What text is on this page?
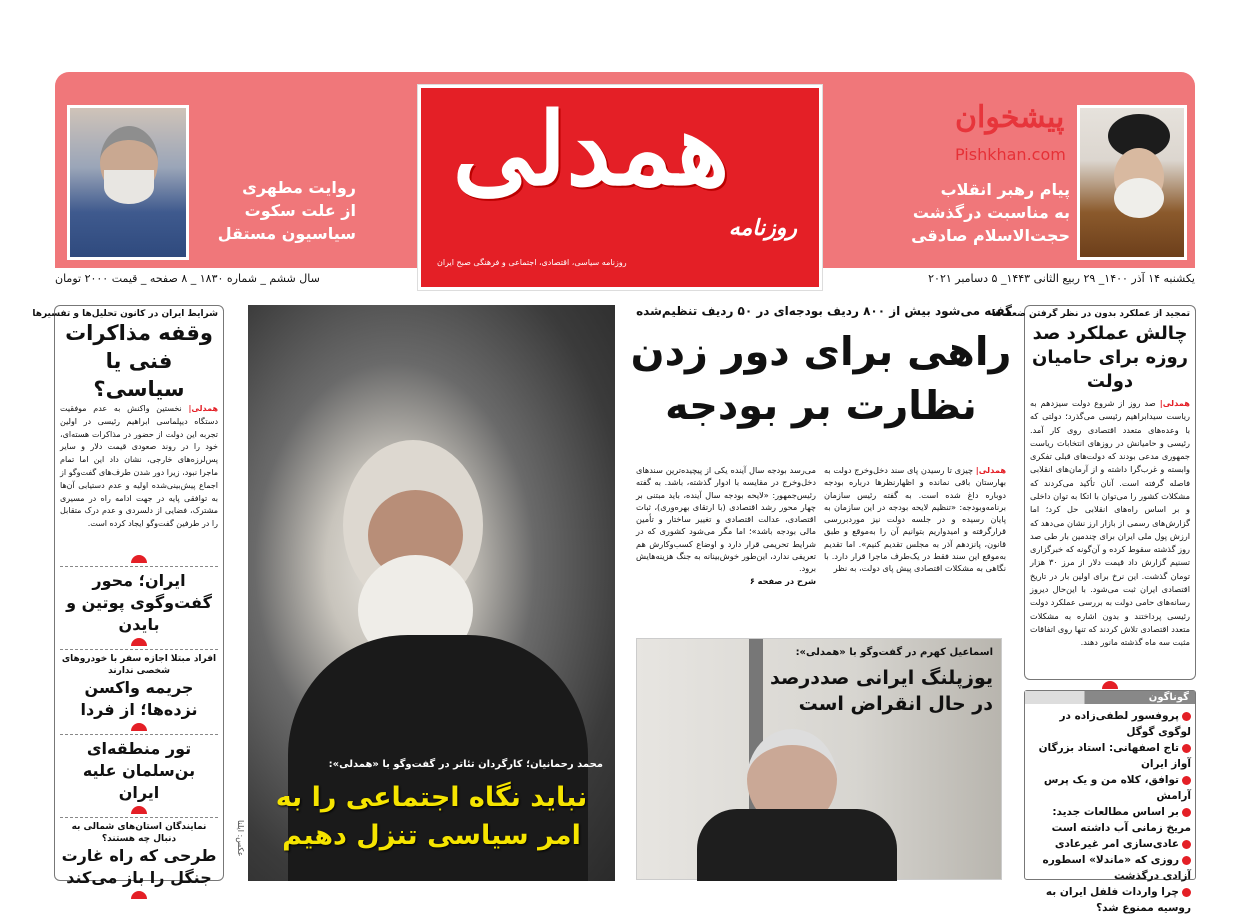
روایت مطهری
از علت سکوت
سیاسیون مستقل
پیام رهبر انقلاب
به مناسبت درگذشت
حجت‌الاسلام صادقی
پیشخوان
Pishkhan.com
همدلی
روزنامه
روزنامه سیاسی، اقتصادی، اجتماعی و فرهنگی صبح ایران
یکشنبه ۱۴ آذر ۱۴۰۰_ ۲۹ ربیع الثانی ۱۴۴۳_ ۵ دسامبر ۲۰۲۱
سال ششم _ شماره ۱۸۳۰ _ ۸ صفحه _ قیمت ۲۰۰۰ تومان
تمجید از عملکرد بدون در نظر گرفتن ضعف‌ها
چالش عملکرد صد روزه برای حامیان دولت
همدلی| صد روز از شروع دولت سیزدهم به ریاست سیدابراهیم رئیسی می‌گذرد؛ دولتی که با وعده‌های متعدد اقتصادی روی کار آمد. رئیسی و حامیانش در روزهای انتخابات ریاست جمهوری مدعی بودند که دولت‌های قبلی تفکری وابسته و غرب‌گرا داشته و از آرمان‌های انقلابی فاصله گرفته است. آنان تأکید می‌کردند که مشکلات کشور را می‌توان با اتکا به توان داخلی و بر اساس راه‌های انقلابی حل کرد؛ اما گزارش‌های رسمی از بازار ارز نشان می‌دهد که ارزش پول ملی ایران برای چندمین بار طی صد روز گذشته سقوط کرده و آن‌گونه که خبرگزاری تسنیم گزارش داد قیمت دلار از مرز ۳۰ هزار تومان گذشت. این نرخ برای اولین بار در تاریخ اقتصادی ایران ثبت می‌شود. با این‌حال دیروز رسانه‌های حامی دولت به بررسی عملکرد دولت رئیسی پرداختند و بدون اشاره به مشکلات متعدد اقتصادی تلاش کردند که تنها روی اتفاقات مثبت سه ماه گذشته مانور دهند.
گوناگون
پروفسور لطفی‌زاده در لوگوی گوگل
تاج اصفهانی: استاد بزرگان آواز ایران
توافق، کلاه من و یک پرس آرامش
بر اساس مطالعات جدید: مریخ زمانی آب داشته است
عادی‌سازی امر غیرعادی
روزی که «ماندلا» اسطوره آزادی درگذشت
چرا واردات فلفل ایران به روسیه ممنوع شد؟
گفته می‌شود بیش از ۸۰۰ ردیف بودجه‌ای در ۵۰ ردیف تنظیم‌شده
راهی برای دور زدن نظارت بر بودجه
همدلی| چیزی تا رسیدن پای سند دخل‌وخرج دولت به بهارستان باقی نمانده و اظهارنظرها درباره بودجه دوباره داغ شده است. به گفته رئیس سازمان برنامه‌وبودجه: «تنظیم لایحه بودجه در این سازمان به پایان رسیده و در جلسه دولت نیز موردبررسی قرارگرفته و امیدواریم بتوانیم آن را به‌موقع و طبق قانون، پانزدهم آذر به مجلس تقدیم کنیم». اما تقدیم به‌موقع این سند فقط در یک‌طرف ماجرا قرار دارد. با نگاهی به مشکلات اقتصادی پیش پای دولت، به نظر
می‌رسد بودجه سال آینده یکی از پیچیده‌ترین سندهای دخل‌وخرج در مقایسه با ادوار گذشته، باشد. به گفته رئیس‌جمهور: «لایحه بودجه سال آینده، باید مبتنی بر چهار محور رشد اقتصادی (با ارتقای بهره‌وری)، ثبات اقتصادی، عدالت اقتصادی و تغییر ساختار و تأمین مالی بودجه باشد»؛ اما مگر می‌شود کشوری که در شرایط تحریمی قرار دارد و اوضاع کسب‌وکارش هم تعریفی ندارد، این‌طور خوش‌بینانه به جنگ هزینه‌هایش برود.
شرح در صفحه ۶
اسماعیل کهرم در گفت‌وگو با «همدلی»:
یوزپلنگ ایرانی صددرصد در حال انقراض است
محمد رحمانیان؛ کارگردان تئاتر در گفت‌وگو با «همدلی»:
نباید نگاه اجتماعی را به امر سیاسی تنزل دهیم
عکس: ایلنا
شرایط ایران در کانون تحلیل‌ها و تفسیرها
وقفه مذاکرات فنی یا سیاسی؟
همدلی| نخستین واکنش به عدم موفقیت دستگاه دیپلماسی ابراهیم رئیسی در اولین تجربه این دولت از حضور در مذاکرات هسته‌ای، خود را در روند صعودی قیمت دلار و سایر پس‌لرزه‌های خارجی، نشان داد این اما تمام ماجرا نبود، زیرا دور شدن طرف‌های گفت‌وگو از اجماع پیش‌بینی‌شده اولیه و عدم دستیابی آن‌ها به توافقی پایه در جهت ادامه راه در مسیری مشترک، فضایی از دلسردی و عدم درک متقابل را در طرفین گفت‌وگو ایجاد کرده است.
ایران؛ محور گفت‌وگوی پوتین و بایدن
افراد مبتلا اجازه سفر با خودروهای شخصی ندارند
جریمه واکسن نزده‌ها؛ از فردا
تور منطقه‌ای بن‌سلمان علیه ایران
نمایندگان استان‌های شمالی به دنبال چه هستند؟
طرحی که راه غارت جنگل را باز می‌کند
